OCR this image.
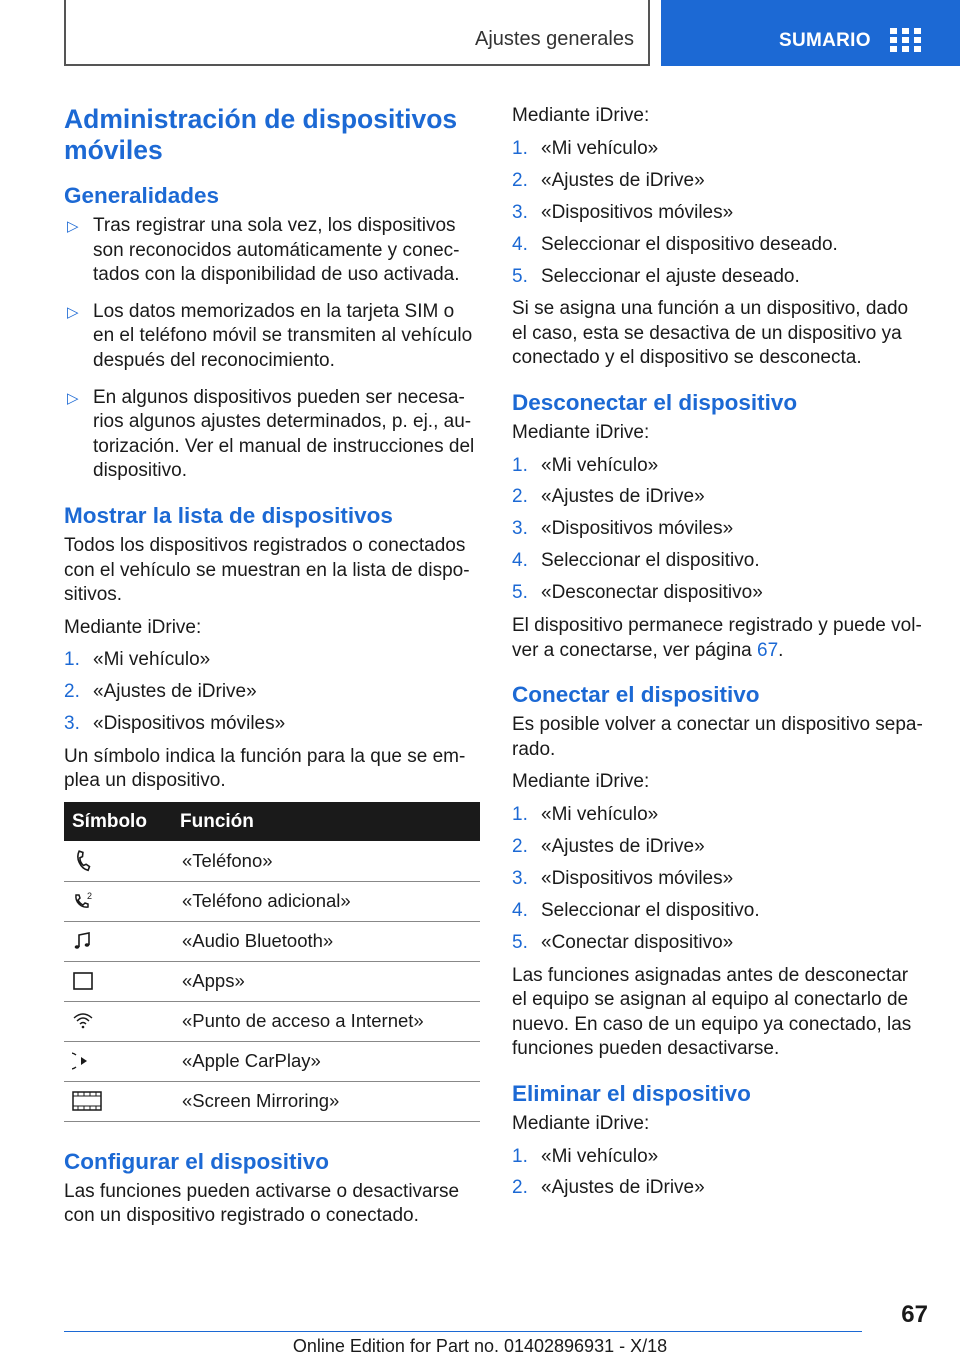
Ajustes generales	SUMARIO
Administración de dispositivos móviles
Generalidades
▷ Tras registrar una sola vez, los dispositivos son reconocidos automáticamente y conectados con la disponibilidad de uso activada.
▷ Los datos memorizados en la tarjeta SIM o en el teléfono móvil se transmiten al vehículo después del reconocimiento.
▷ En algunos dispositivos pueden ser necesarios algunos ajustes determinados, p. ej., autorización. Ver el manual de instrucciones del dispositivo.
Mostrar la lista de dispositivos

Todos los dispositivos registrados o conectados con el vehículo se muestran en la lista de dispositivos.

Mediante iDrive:

1. «Mi vehículo»
2. «Ajustes de iDrive»
3. «Dispositivos móviles»

Un símbolo indica la función para la que se emplea un dispositivo.

Símbolo	Función

	«Teléfono»

2	«Teléfono adicional»

	«Audio Bluetooth»

	«Apps»

	«Punto de acceso a Internet»

	«Apple CarPlay»

	«Screen Mirroring»
Configurar el dispositivo

Las funciones pueden activarse o desactivarse con un dispositivo registrado o conectado.

Mediante iDrive:

1. «Mi vehículo»
2. «Ajustes de iDrive»
3. «Dispositivos móviles»
4. Seleccionar el dispositivo deseado.
5. Seleccionar el ajuste deseado.

Si se asigna una función a un dispositivo, dado el caso, esta se desactiva de un dispositivo ya conectado y el dispositivo se desconecta.

Desconectar el dispositivo

Mediante iDrive:

1. «Mi vehículo»
2. «Ajustes de iDrive»
3. «Dispositivos móviles»
4. Seleccionar el dispositivo.
5. «Desconectar dispositivo»

El dispositivo permanece registrado y puede volver a conectarse, ver página 67.

Conectar el dispositivo

Es posible volver a conectar un dispositivo separado.

Mediante iDrive:

1. «Mi vehículo»
2. «Ajustes de iDrive»
3. «Dispositivos móviles»
4. Seleccionar el dispositivo.
5. «Conectar dispositivo»

Las funciones asignadas antes de desconectar el equipo se asignan al equipo al conectarlo de nuevo. En caso de un equipo ya conectado, las funciones pueden desactivarse.

Eliminar el dispositivo

Mediante iDrive:

1. «Mi vehículo»
2. «Ajustes de iDrive»
67
Online Edition for Part no. 01402896931 - X/18
